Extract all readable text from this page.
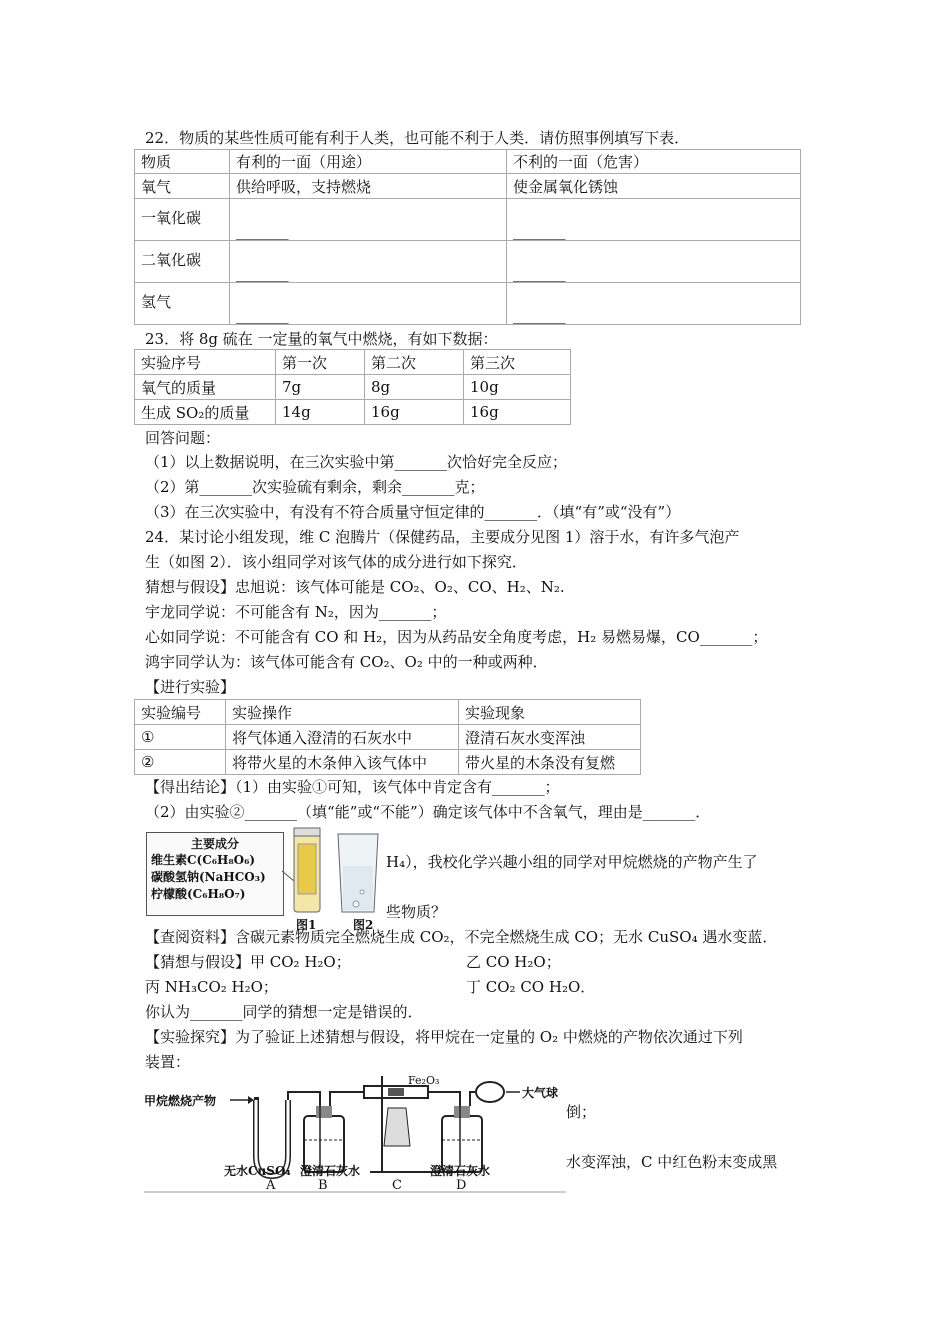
22．物质的某些性质可能有利于人类，也可能不利于人类．请仿照事例填写下表．
物质	有利的一面（用途）	不利的一面（危害）
氧气	供给呼吸，支持燃烧	使金属氧化锈蚀
一氧化碳	_______	_______
二氧化碳	_______	_______
氢气	_______	_______
23．将 8g 硫在 一定量的氧气中燃烧，有如下数据：
实验序号	第一次	第二次	第三次
氧气的质量	7g	8g	10g
生成 SO₂的质量	14g	16g	16g
回答问题：
（1）以上数据说明，在三次实验中第_______次恰好完全反应；
（2）第_______次实验硫有剩余，剩余_______克；
（3）在三次实验中，有没有不符合质量守恒定律的_______．（填“有”或“没有”）
24．某讨论小组发现，维 C 泡腾片（保健药品，主要成分见图 1）溶于水，有许多气泡产
生（如图 2）．该小组同学对该气体的成分进行如下探究．
猜想与假设】忠旭说：该气体可能是 CO₂、O₂、CO、H₂、N₂.
宇龙同学说：不可能含有 N₂，因为_______；
心如同学说：不可能含有 CO 和 H₂，因为从药品安全角度考虑，H₂ 易燃易爆，CO_______；
鸿宇同学认为：该气体可能含有 CO₂、O₂ 中的一种或两种．
【进行实验】
实验编号	实验操作	实验现象
①	将气体通入澄清的石灰水中	澄清石灰水变浑浊
②	将带火星的木条伸入该气体中	带火星的木条没有复燃
【得出结论】（1）由实验①可知，该气体中肯定含有_______；
（2）由实验②_______（填“能”或“不能”）确定该气体中不含氧气，理由是_______．
主要成分
维生素C(C₆H₈O₆)
碳酸氢钠(NaHCO₃)
柠檬酸(C₆H₈O₇)
图1	图2
H₄），我校化学兴趣小组的同学对甲烷燃烧的产物产生了
些物质？
【查阅资料】含碳元素物质完全燃烧生成 CO₂，不完全燃烧生成 CO；无水 CuSO₄ 遇水变蓝．
【猜想与假设】甲 CO₂ H₂O；	乙 CO H₂O；
丙 NH₃CO₂ H₂O；	丁 CO₂ CO H₂O．
你认为_______同学的猜想一定是错误的．
【实验探究】为了验证上述猜想与假设，将甲烷在一定量的 O₂ 中燃烧的产物依次通过下列
装置：
倒；
水变浑浊，C 中红色粉末变成黑
甲烷燃烧产物
Fe₂O₃
大气球
无水CuSO₄ 澄清石灰水	澄清石灰水
A	B	C	D
